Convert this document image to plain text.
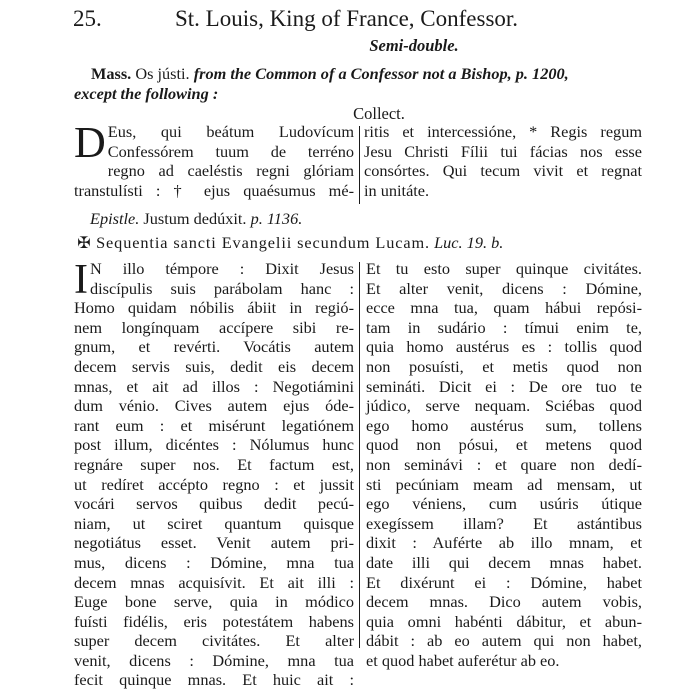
25.	St. Louis, King of France, Confessor.
Semi-double.
Mass. Os jústi. from the Common of a Confessor not a Bishop, p. 1200,
except the following :
Collect.
D Eus, qui beátum Ludovícum
Confessórem tuum de terréno
regno ad caeléstis regni glóriam
transtulísti : † ejus quaésumus mé-
ritis et intercessióne, * Regis regum
Jesu Christi Fílii tui fácias nos esse
consórtes. Qui tecum vivit et regnat
in unitáte.
Epistle. Justum dedúxit. p. 1136.
✠ Sequentia sancti Evangelii secundum Lucam. Luc. 19. b.
I N illo témpore : Dixit Jesus
discípulis suis parábolam hanc :
Homo quidam nóbilis ábiit in regió-
nem longínquam accípere sibi re-
gnum, et revérti. Vocátis autem
decem servis suis, dedit eis decem
mnas, et ait ad illos : Negotiámini
dum vénio. Cives autem ejus óde-
rant eum : et misérunt legatiónem
post illum, dicéntes : Nólumus hunc
regnáre super nos. Et factum est,
ut redíret accépto regno : et jussit
vocári servos quibus dedit pecú-
niam, ut sciret quantum quisque
negotiátus esset. Venit autem pri-
mus, dicens : Dómine, mna tua
decem mnas acquisívit. Et ait illi :
Euge bone serve, quia in módico
fuísti fidélis, eris potestátem habens
super decem civitátes. Et alter
venit, dicens : Dómine, mna tua
fecit quinque mnas. Et huic ait :
Et tu esto super quinque civitátes.
Et alter venit, dicens : Dómine,
ecce mna tua, quam hábui repósi-
tam in sudário : tímui enim te,
quia homo austérus es : tollis quod
non posuísti, et metis quod non
semináti. Dicit ei : De ore tuo te
júdico, serve nequam. Sciébas quod
ego homo austérus sum, tollens
quod non pósui, et metens quod
non seminávi : et quare non dedí-
sti pecúniam meam ad mensam, ut
ego véniens, cum usúris útique
exegíssem illam? Et astántibus
dixit : Auférte ab illo mnam, et
date illi qui decem mnas habet.
Et dixérunt ei : Dómine, habet
decem mnas. Dico autem vobis,
quia omni habénti dábitur, et abun-
dábit : ab eo autem qui non habet,
et quod habet auferétur ab eo.
